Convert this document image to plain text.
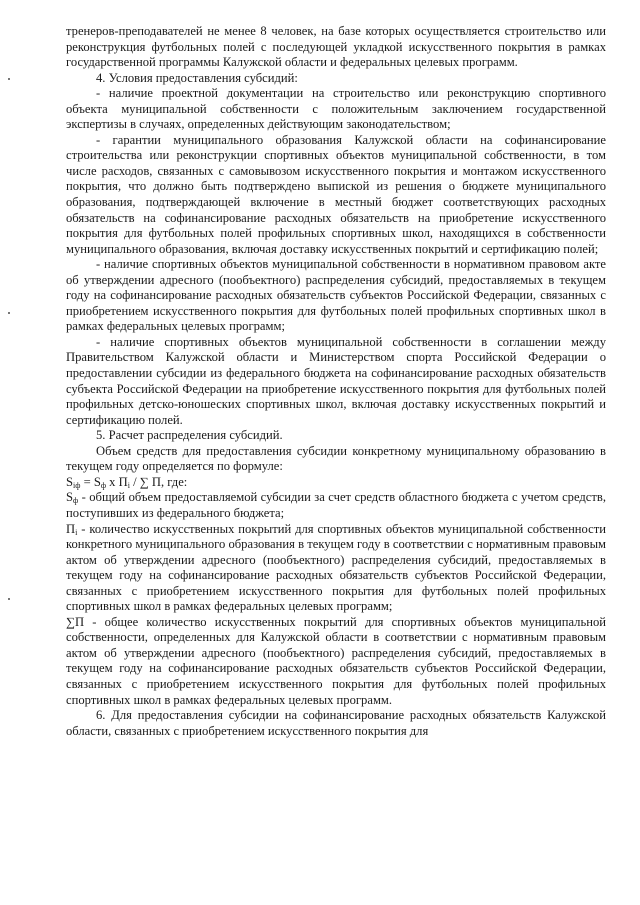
тренеров-преподавателей не менее 8 человек, на базе которых осуществляется строительство или реконструкция футбольных полей с последующей укладкой искусственного покрытия в рамках государственной программы Калужской области и федеральных целевых программ.

4. Условия предоставления субсидий:

- наличие проектной документации на строительство или реконструкцию спортивного объекта муниципальной собственности с положительным заключением государственной экспертизы в случаях, определенных действующим законодательством;

- гарантии муниципального образования Калужской области на софинансирование строительства или реконструкции спортивных объектов муниципальной собственности, в том числе расходов, связанных с самовывозом искусственного покрытия и монтажом искусственного покрытия, что должно быть подтверждено выпиской из решения о бюджете муниципального образования, подтверждающей включение в местный бюджет соответствующих расходных обязательств на софинансирование расходных обязательств на приобретение искусственного покрытия для футбольных полей профильных спортивных школ, находящихся в собственности муниципального образования, включая доставку искусственных покрытий и сертификацию полей;

- наличие спортивных объектов муниципальной собственности в нормативном правовом акте об утверждении адресного (пообъектного) распределения субсидий, предоставляемых в текущем году на софинансирование расходных обязательств субъектов Российской Федерации, связанных с приобретением искусственного покрытия для футбольных полей профильных спортивных школ в рамках федеральных целевых программ;

- наличие спортивных объектов муниципальной собственности в соглашении между Правительством Калужской области и Министерством спорта Российской Федерации о предоставлении субсидии из федерального бюджета на софинансирование расходных обязательств субъекта Российской Федерации на приобретение искусственного покрытия для футбольных полей профильных детско-юношеских спортивных школ, включая доставку искусственных покрытий и сертификацию полей.

5. Расчет распределения субсидий.

Объем средств для предоставления субсидии конкретному муниципальному образованию в текущем году определяется по формуле:

$S_{iф} = S_ф$ х $П_i$ / ∑ П, где:

$S_ф$ - общий объем предоставляемой субсидии за счет средств областного бюджета с учетом средств, поступивших из федерального бюджета;

$П_i$ - количество искусственных покрытий для спортивных объектов муниципальной собственности конкретного муниципального образования в текущем году в соответствии с нормативным правовым актом об утверждении адресного (пообъектного) распределения субсидий, предоставляемых в текущем году на софинансирование расходных обязательств субъектов Российской Федерации, связанных с приобретением искусственного покрытия для футбольных полей профильных спортивных школ в рамках федеральных целевых программ;

∑П - общее количество искусственных покрытий для спортивных объектов муниципальной собственности, определенных для Калужской области в соответствии с нормативным правовым актом об утверждении адресного (пообъектного) распределения субсидий, предоставляемых в текущем году на софинансирование расходных обязательств субъектов Российской Федерации, связанных с приобретением искусственного покрытия для футбольных полей профильных спортивных школ в рамках федеральных целевых программ.

6. Для предоставления субсидии на софинансирование расходных обязательств Калужской области, связанных с приобретением искусственного покрытия для
